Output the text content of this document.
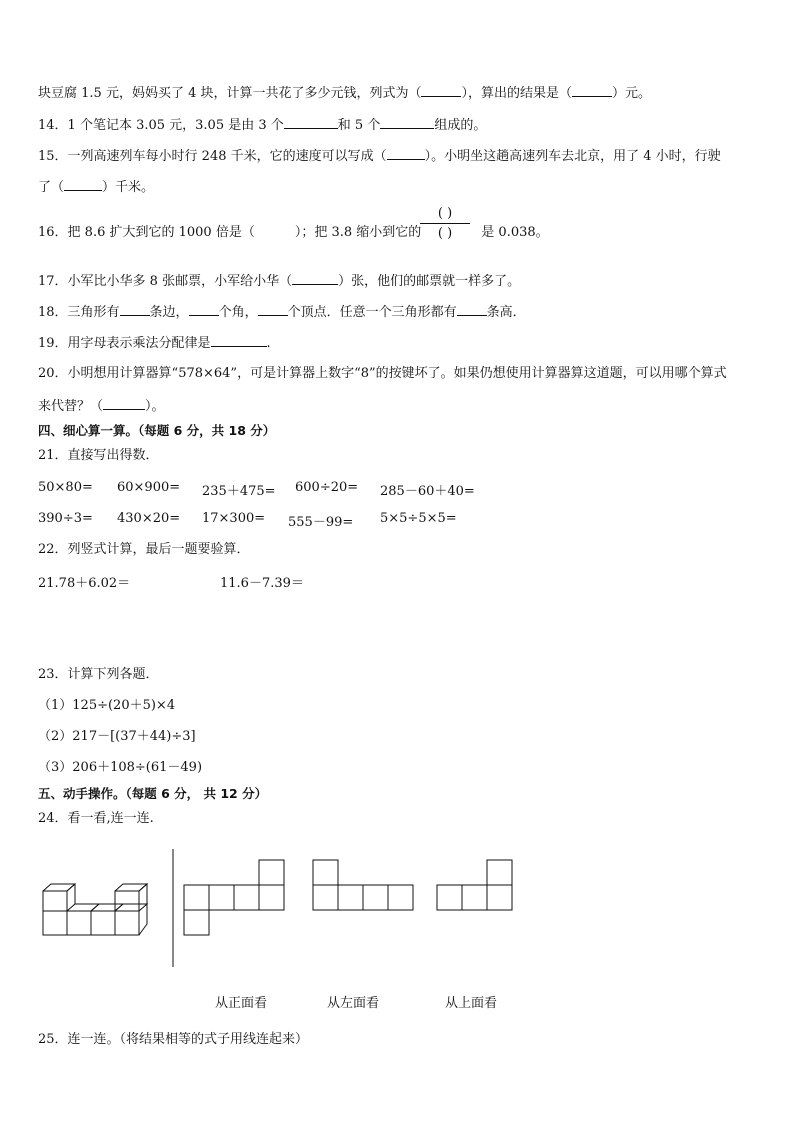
块豆腐 1.5 元，妈妈买了 4 块，计算一共花了多少元钱，列式为（	），算出的结果是（	）元。
14．1 个笔记本 3.05 元，3.05 是由 3 个	和 5 个	组成的。
15．一列高速列车每小时行 248 千米，它的速度可以写成（	）。小明坐这趟高速列车去北京，用了 4 小时，行驶
了（	）千米。
16．把 8.6 扩大到它的 1000 倍是（	）；把 3.8 缩小到它的	是 0.038。
( )
( )
17．小军比小华多 8 张邮票，小军给小华（	）张，他们的邮票就一样多了。
18．三角形有 条边， 个角， 个顶点．任意一个三角形都有 条高．
19．用字母表示乘法分配律是	.
20．小明想用计算器算“578×64”，可是计算器上数字“8”的按键坏了。如果仍想使用计算器算这道题，可以用哪个算式
来代替？（	）。
四、细心算一算。（每题 6 分，共 18 分）
21．直接写出得数．
50×80= 60×900= 235＋475= 600÷20= 285－60＋40=
390÷3= 430×20= 17×300= 555－99= 5×5÷5×5=
22．列竖式计算，最后一题要验算．
21.78＋6.02＝	11.6－7.39＝
23．计算下列各题．
（1）125÷(20＋5)×4
（2）217－[(37＋44)÷3]
（3）206＋108÷(61－49)
五、动手操作。（每题 6 分， 共 12 分）
24．看一看,连一连.
从正面看	从左面看	从上面看
25．连一连。（将结果相等的式子用线连起来）
